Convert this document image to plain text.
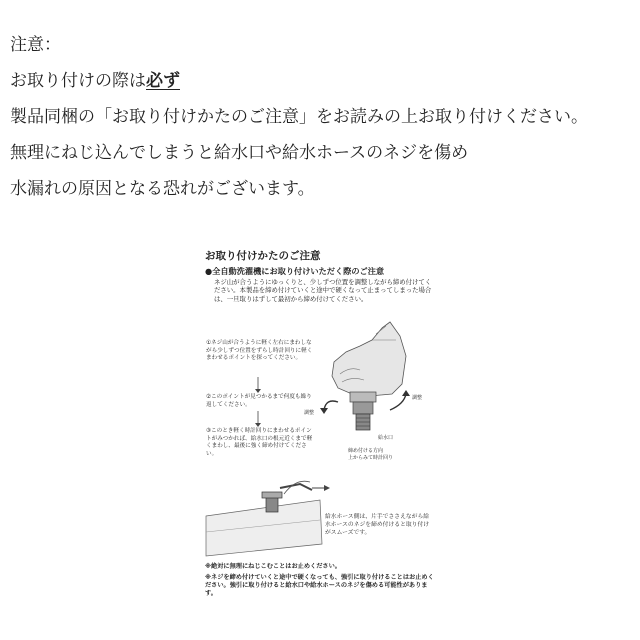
注意：
お取り付けの際は必ず
製品同梱の「お取り付けかたのご注意」をお読みの上お取り付けください。
無理にねじ込んでしまうと給水口や給水ホースのネジを傷め
水漏れの原因となる恐れがございます。
お取り付けかたのご注意
●全自動洗濯機にお取り付けいただく際のご注意
ネジ山が合うようにゆっくりと、少しずつ位置を調整しながら締め付けてください。本製品を締め付けていくと途中で硬くなって止まってしまった場合は、一旦取りはずして最初から締め付けてください。
①ネジ山が合うように軽く左右にまわしながら少しずつ位置をずらし時計回りに軽くまわせるポイントを探ってください。
②このポイントが見つかるまで何度も繰り返してください。
③このとき軽く時計回りにまわせるポイントがみつかれば、給水口の根元近くまで軽くまわし、最後に強く締め付けてください。
調整
調整
給水口
締め付ける方向
上からみて時計回り
給水ホース側は、片手でささえながら給水ホースのネジを締め付けると取り付けがスムーズです。
※絶対に無理にねじこむことはお止めください。
※ネジを締め付けていくと途中で硬くなっても、強引に取り付けることはお止めください。強引に取り付けると給水口や給水ホースのネジを傷める可能性があります。
